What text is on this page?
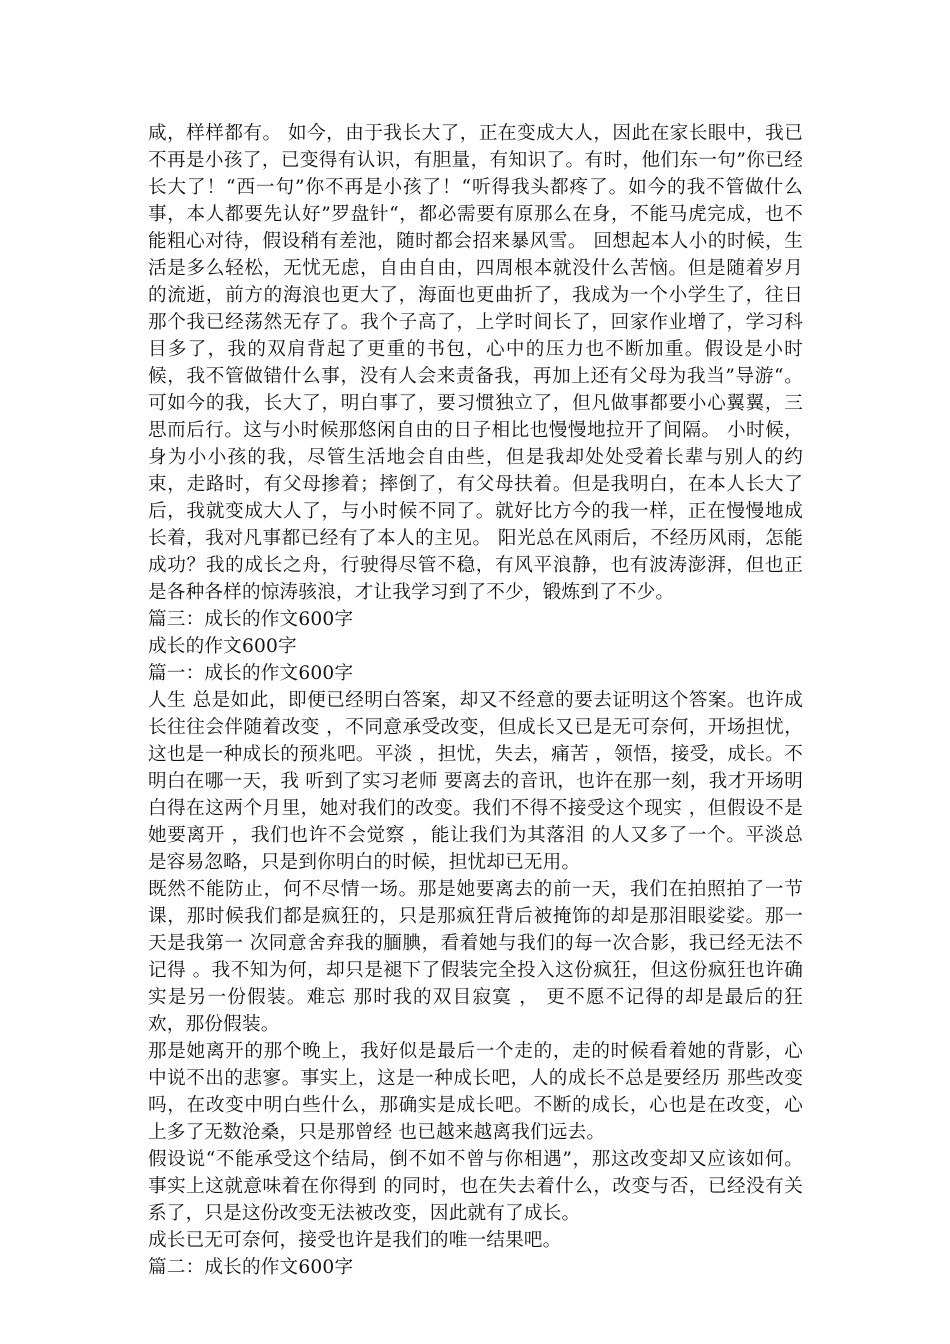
咸，样样都有。 如今，由于我长大了，正在变成大人，因此在家长眼中，我已不再是小孩了，已变得有认识，有胆量，有知识了。有时，他们东一句”你已经长大了！“西一句”你不再是小孩了！“听得我头都疼了。如今的我不管做什么事，本人都要先认好”罗盘针“，都必需要有原那么在身，不能马虎完成，也不能粗心对待，假设稍有差池，随时都会招来暴风雪。 回想起本人小的时候，生活是多么轻松，无忧无虑，自由自由，四周根本就没什么苦恼。但是随着岁月的流逝，前方的海浪也更大了，海面也更曲折了，我成为一个小学生了，往日那个我已经荡然无存了。我个子高了，上学时间长了，回家作业增了，学习科目多了，我的双肩背起了更重的书包，心中的压力也不断加重。假设是小时候，我不管做错什么事，没有人会来责备我，再加上还有父母为我当”导游“。可如今的我，长大了，明白事了，要习惯独立了，但凡做事都要小心翼翼，三思而后行。这与小时候那悠闲自由的日子相比也慢慢地拉开了间隔。 小时候，身为小小孩的我，尽管生活地会自由些，但是我却处处受着长辈与别人的约束，走路时，有父母掺着；摔倒了，有父母扶着。但是我明白，在本人长大了后，我就变成大人了，与小时候不同了。就好比方今的我一样，正在慢慢地成长着，我对凡事都已经有了本人的主见。 阳光总在风雨后，不经历风雨，怎能成功？我的成长之舟，行驶得尽管不稳，有风平浪静，也有波涛澎湃，但也正是各种各样的惊涛骇浪，才让我学习到了不少，锻炼到了不少。

篇三：成长的作文600字

成长的作文600字

篇一：成长的作文600字

人生 总是如此，即便已经明白答案，却又不经意的要去证明这个答案。也许成长往往会伴随着改变 ，不同意承受改变，但成长又已是无可奈何，开场担忧，这也是一种成长的预兆吧。平淡 ，担忧，失去，痛苦 ，领悟，接受，成长。不明白在哪一天，我 听到了实习老师 要离去的音讯，也许在那一刻，我才开场明白得在这两个月里，她对我们的改变。我们不得不接受这个现实 ，但假设不是她要离开 ，我们也许不会觉察 ，能让我们为其落泪 的人又多了一个。平淡总是容易忽略，只是到你明白的时候，担忧却已无用。

既然不能防止，何不尽情一场。那是她要离去的前一天，我们在拍照拍了一节课，那时候我们都是疯狂的，只是那疯狂背后被掩饰的却是那泪眼娑娑。那一天是我第一 次同意舍弃我的腼腆，看着她与我们的每一次合影，我已经无法不记得 。我不知为何，却只是褪下了假装完全投入这份疯狂，但这份疯狂也许确实是另一份假装。难忘 那时我的双目寂寞 ， 更不愿不记得的却是最后的狂欢，那份假装。

那是她离开的那个晚上，我好似是最后一个走的，走的时候看着她的背影，心中说不出的悲寥。事实上，这是一种成长吧，人的成长不总是要经历 那些改变吗，在改变中明白些什么，那确实是成长吧。不断的成长，心也是在改变，心上多了无数沧桑，只是那曾经 也已越来越离我们远去。

假设说“不能承受这个结局，倒不如不曾与你相遇”，那这改变却又应该如何。事实上这就意味着在你得到 的同时，也在失去着什么，改变与否，已经没有关系了，只是这份改变无法被改变，因此就有了成长。

成长已无可奈何，接受也许是我们的唯一结果吧。

篇二：成长的作文600字
